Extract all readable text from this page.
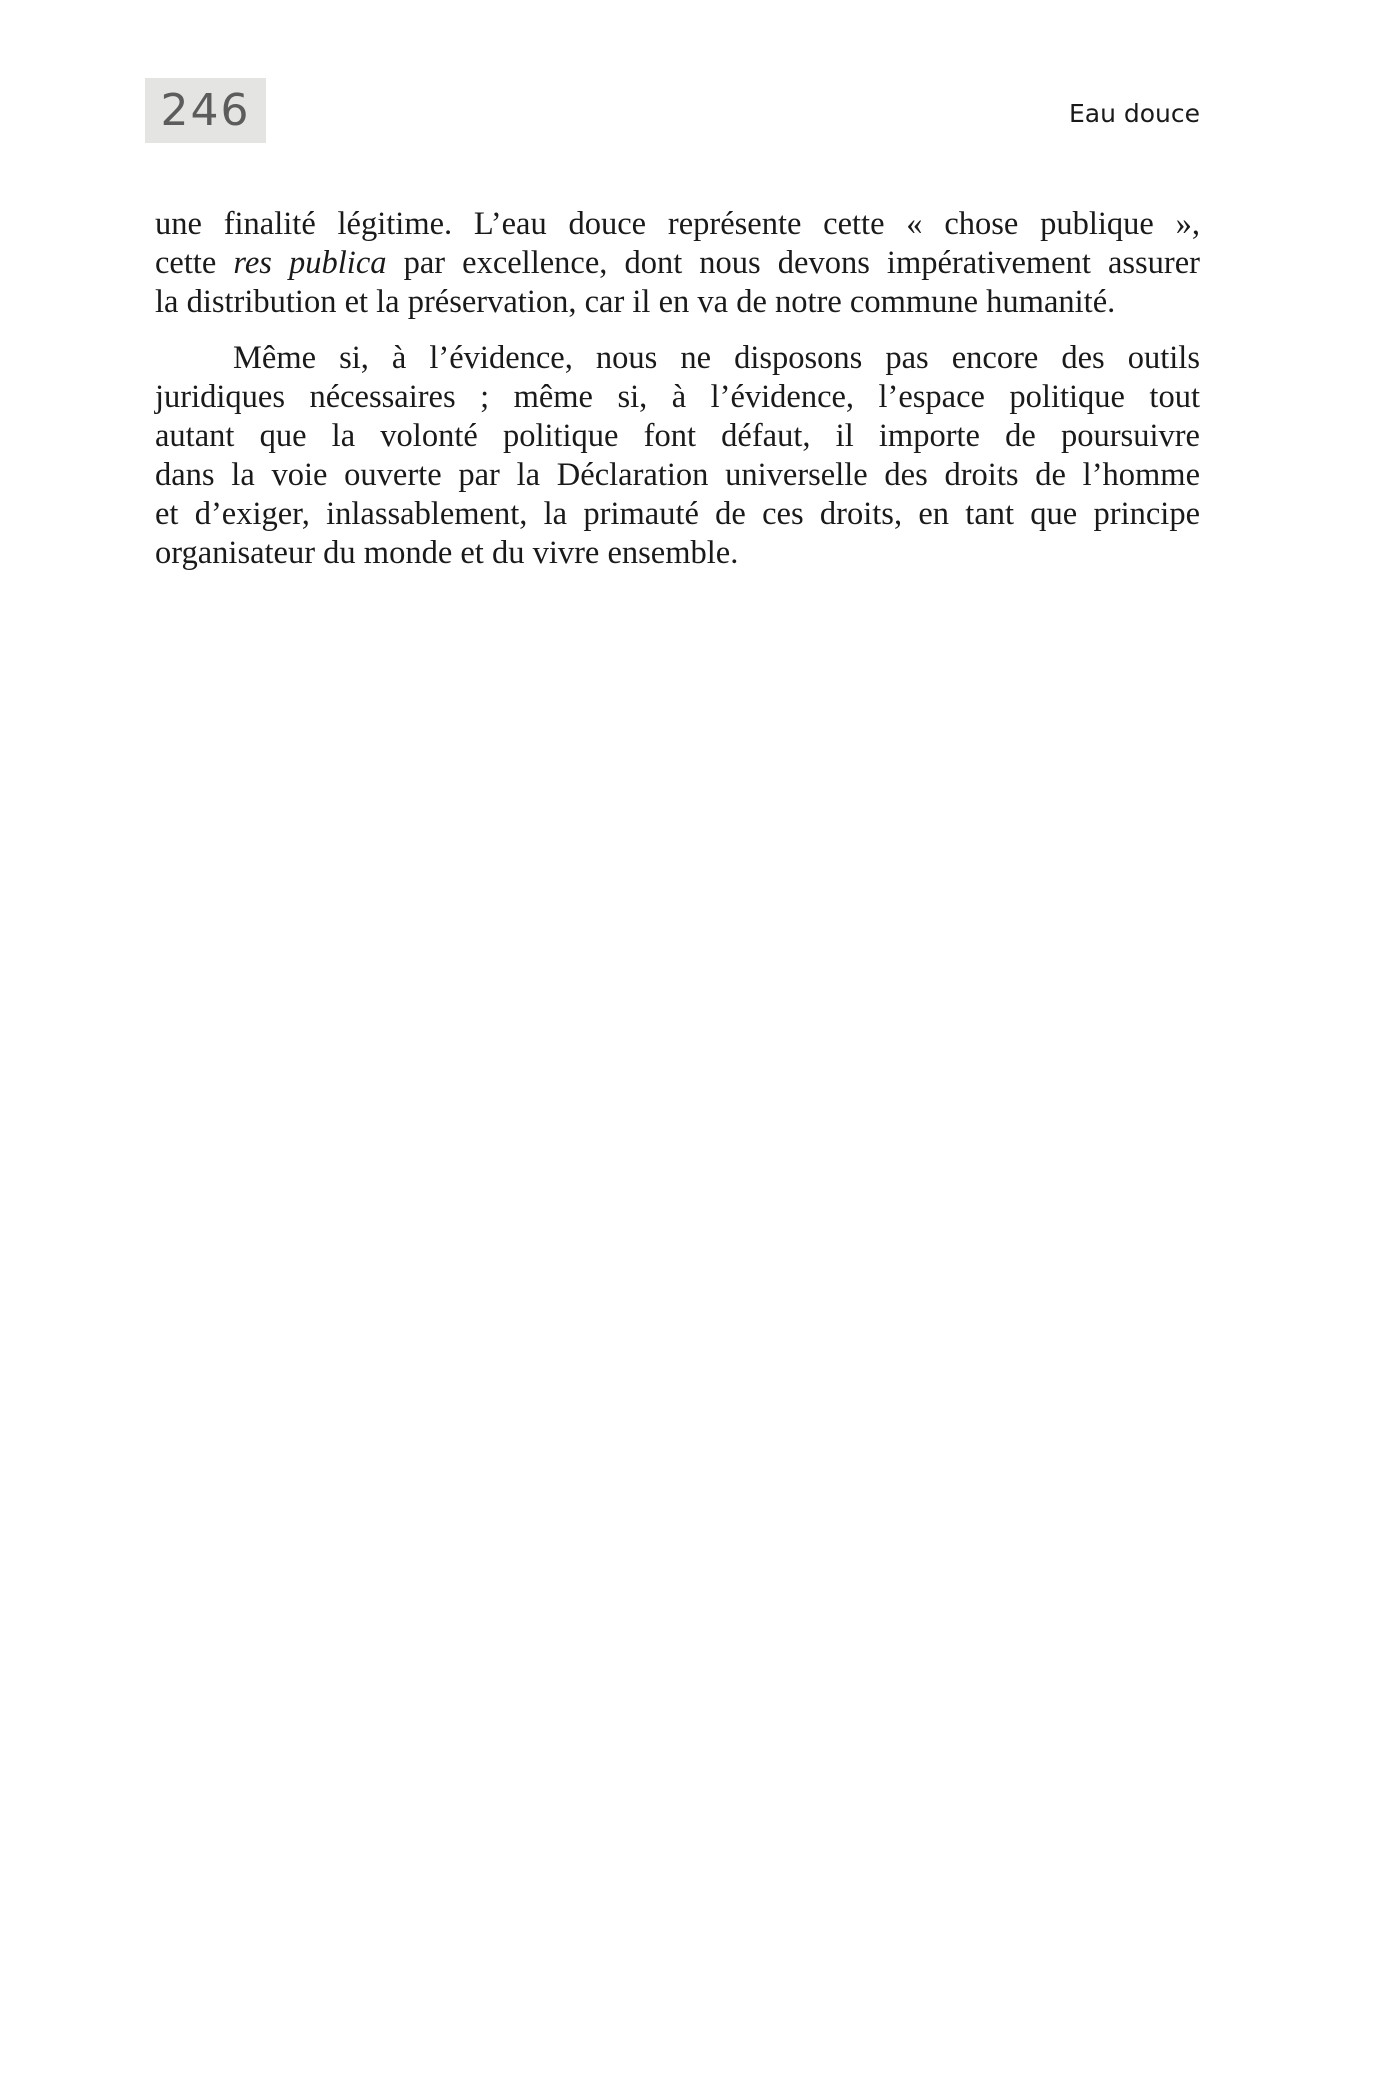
246	Eau douce
une finalité légitime. L’eau douce représente cette « chose publique »,
cette res publica par excellence, dont nous devons impérativement assurer
la distribution et la préservation, car il en va de notre commune humanité.
Même si, à l’évidence, nous ne disposons pas encore des outils
juridiques nécessaires ; même si, à l’évidence, l’espace politique tout
autant que la volonté politique font défaut, il importe de poursuivre
dans la voie ouverte par la Déclaration universelle des droits de l’homme
et d’exiger, inlassablement, la primauté de ces droits, en tant que principe
organisateur du monde et du vivre ensemble.
